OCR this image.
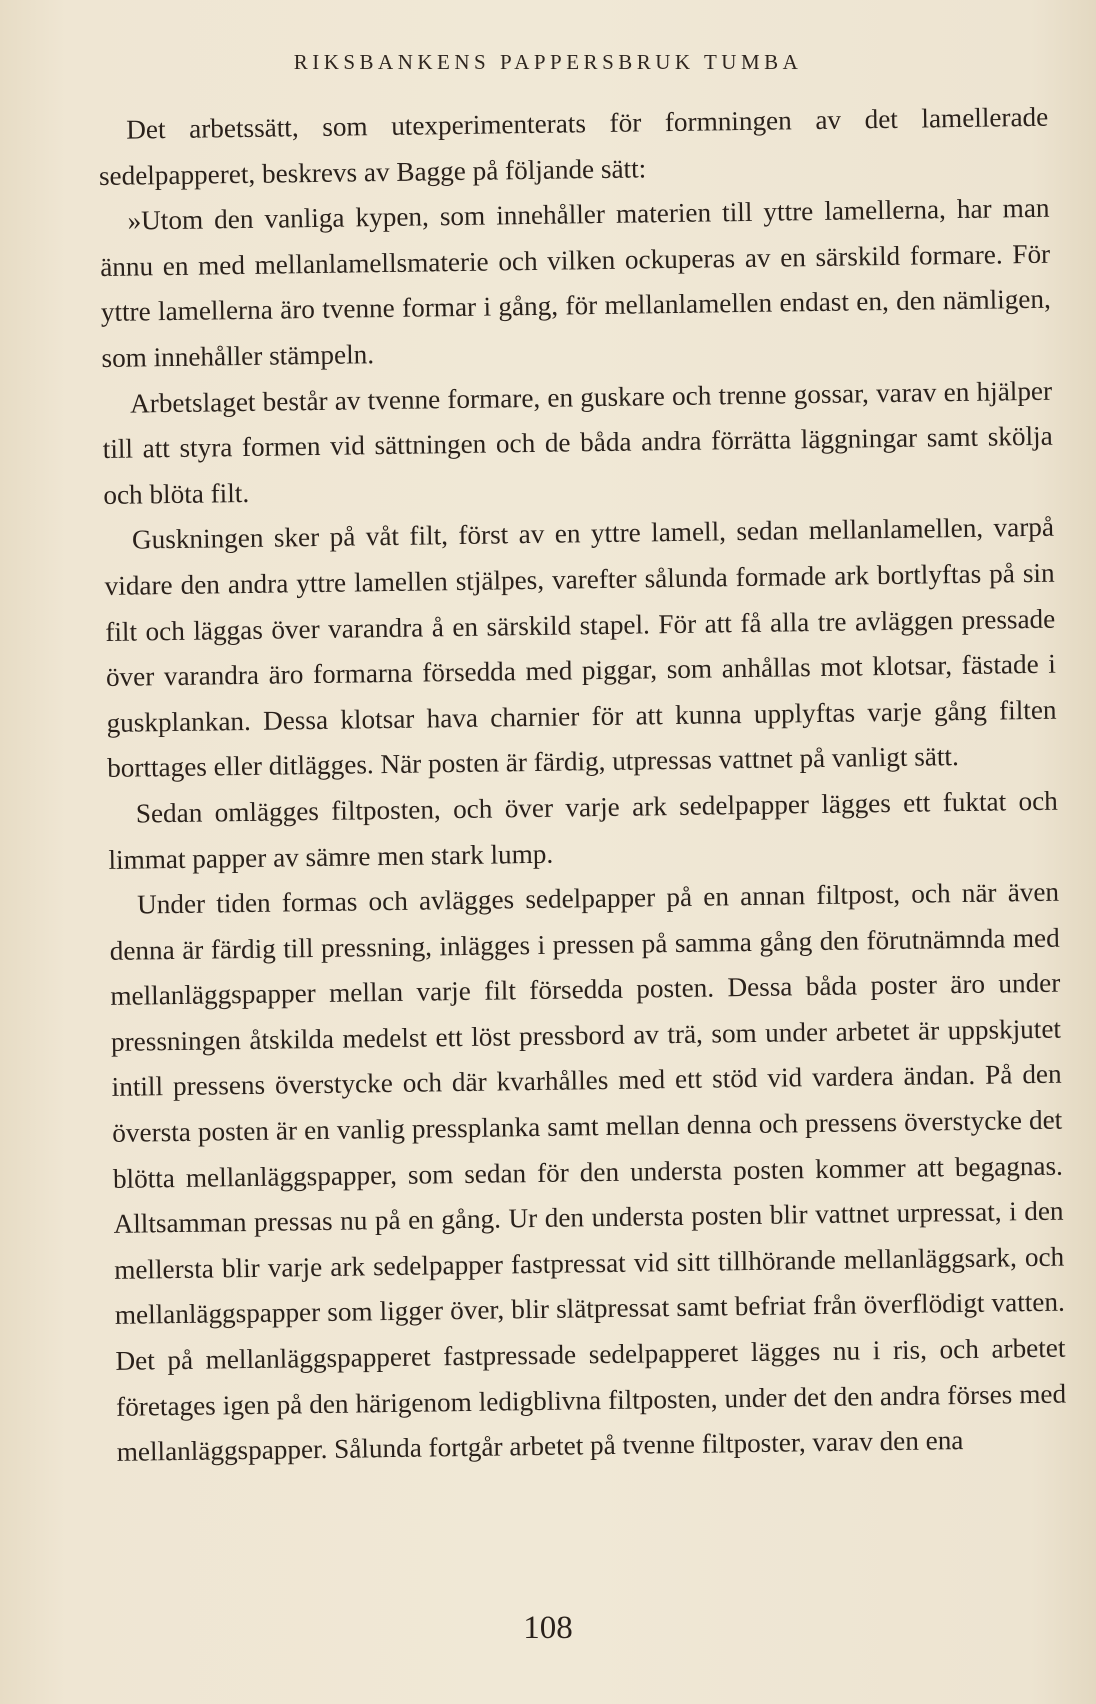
RIKSBANKENS PAPPERSBRUK TUMBA

Det arbetssätt, som utexperimenterats för formningen av det lamellerade sedelpapperet, beskrevs av Bagge på följande sätt:

»Utom den vanliga kypen, som innehåller materien till yttre lamellerna, har man ännu en med mellanlamellsmaterie och vilken ockuperas av en särskild formare. För yttre lamellerna äro tvenne formar i gång, för mellanlamellen endast en, den nämligen, som innehåller stämpeln.

Arbetslaget består av tvenne formare, en guskare och trenne gossar, varav en hjälper till att styra formen vid sättningen och de båda andra förrätta läggningar samt skölja och blöta filt.

Guskningen sker på våt filt, först av en yttre lamell, sedan mellanlamellen, varpå vidare den andra yttre lamellen stjälpes, varefter sålunda formade ark bortlyftas på sin filt och läggas över varandra å en särskild stapel. För att få alla tre avläggen pressade över varandra äro formarna försedda med piggar, som anhållas mot klotsar, fästade i guskplankan. Dessa klotsar hava charnier för att kunna upplyftas varje gång filten borttages eller ditlägges. När posten är färdig, utpressas vattnet på vanligt sätt.

Sedan omlägges filtposten, och över varje ark sedelpapper lägges ett fuktat och limmat papper av sämre men stark lump.

Under tiden formas och avlägges sedelpapper på en annan filtpost, och när även denna är färdig till pressning, inlägges i pressen på samma gång den förutnämnda med mellanläggspapper mellan varje filt försedda posten. Dessa båda poster äro under pressningen åtskilda medelst ett löst pressbord av trä, som under arbetet är uppskjutet intill pressens överstycke och där kvarhålles med ett stöd vid vardera ändan. På den översta posten är en vanlig pressplanka samt mellan denna och pressens överstycke det blötta mellanläggspapper, som sedan för den understa posten kommer att begagnas. Alltsamman pressas nu på en gång. Ur den understa posten blir vattnet urpressat, i den mellersta blir varje ark sedelpapper fastpressat vid sitt tillhörande mellanläggsark, och mellanläggspapper som ligger över, blir slätpressat samt befriat från överflödigt vatten. Det på mellanläggspapperet fastpressade sedelpapperet lägges nu i ris, och arbetet företages igen på den härigenom ledigblivna filtposten, under det den andra förses med mellanläggspapper. Sålunda fortgår arbetet på tvenne filtposter, varav den ena

108
